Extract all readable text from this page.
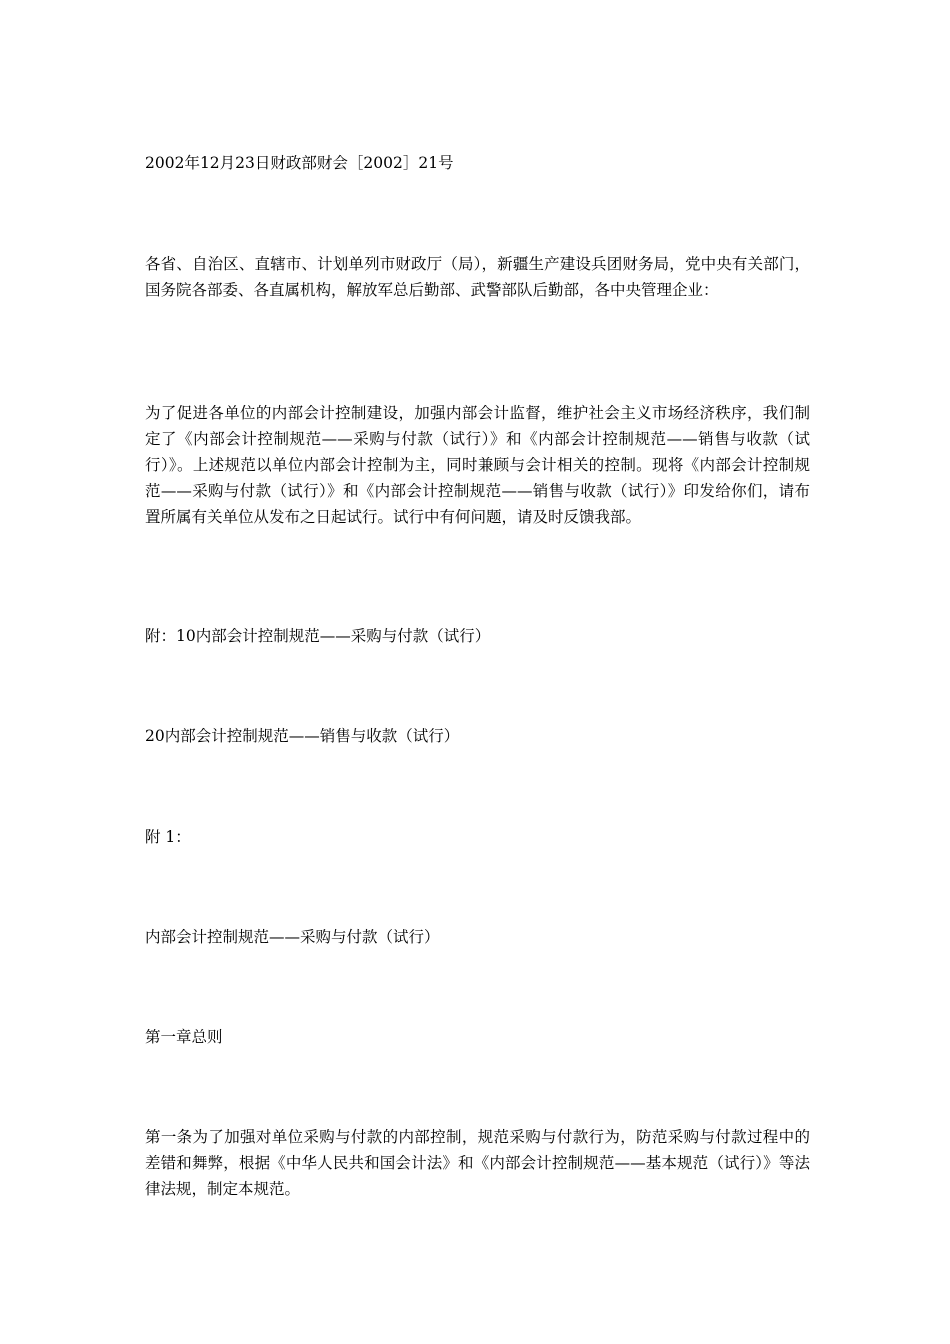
2002年12月23日财政部财会［2002］21号

各省、自治区、直辖市、计划单列市财政厅（局），新疆生产建设兵团财务局，党中央有关部门，国务院各部委、各直属机构，解放军总后勤部、武警部队后勤部，各中央管理企业：

为了促进各单位的内部会计控制建设，加强内部会计监督，维护社会主义市场经济秩序，我们制定了《内部会计控制规范——采购与付款（试行）》和《内部会计控制规范——销售与收款（试行）》。上述规范以单位内部会计控制为主，同时兼顾与会计相关的控制。现将《内部会计控制规范——采购与付款（试行）》和《内部会计控制规范——销售与收款（试行）》印发给你们，请布置所属有关单位从发布之日起试行。试行中有何问题，请及时反馈我部。

附：10内部会计控制规范——采购与付款（试行）

20内部会计控制规范——销售与收款（试行）

附 1：

内部会计控制规范——采购与付款（试行）

第一章总则

第一条为了加强对单位采购与付款的内部控制，规范采购与付款行为，防范采购与付款过程中的差错和舞弊，根据《中华人民共和国会计法》和《内部会计控制规范——基本规范（试行）》等法律法规，制定本规范。
